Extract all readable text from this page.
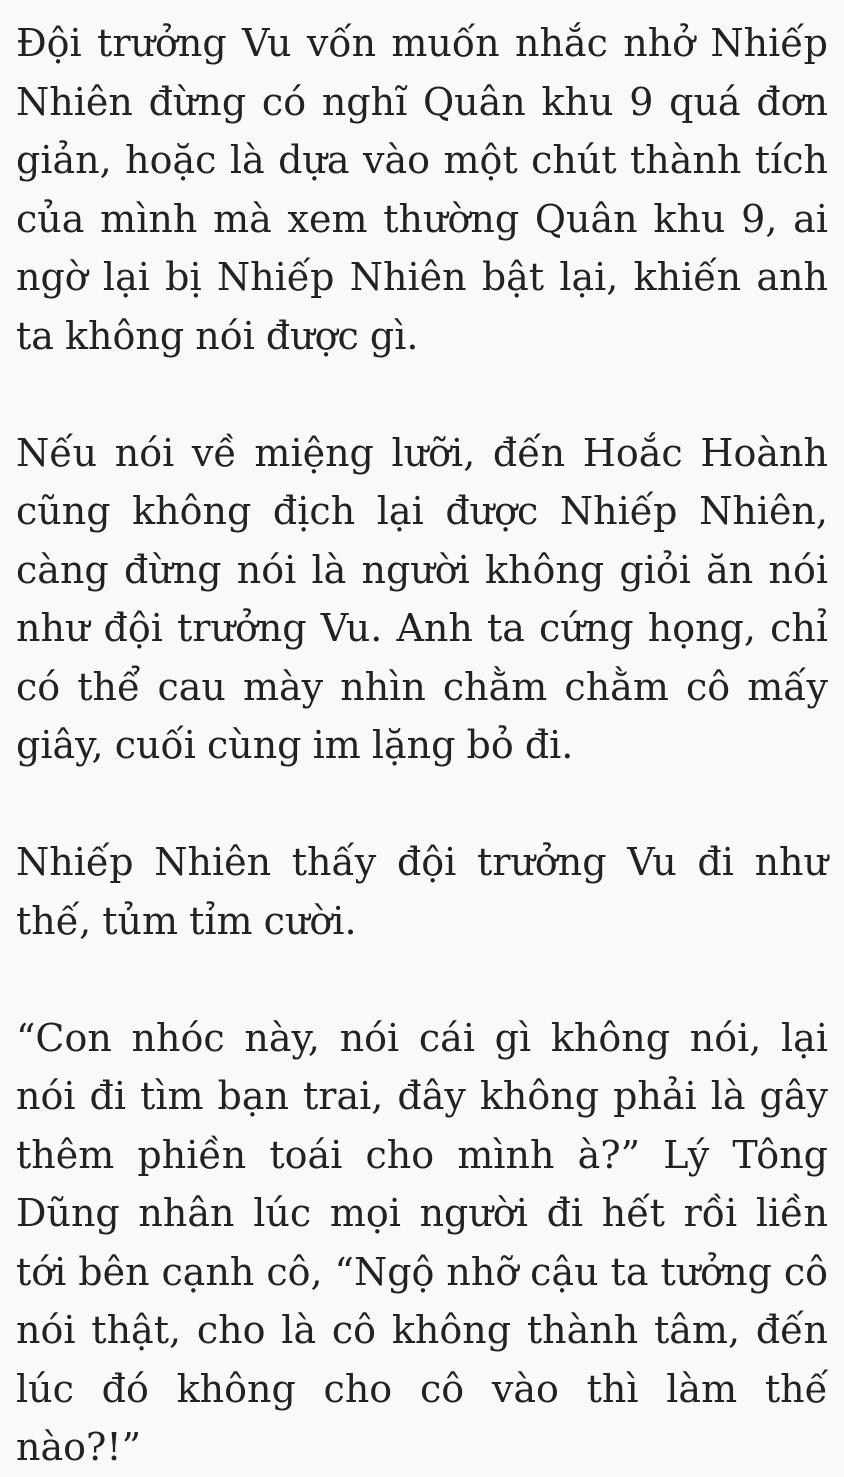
Đội trưởng Vu vốn muốn nhắc nhở Nhiếp Nhiên đừng có nghĩ Quân khu 9 quá đơn giản, hoặc là dựa vào một chút thành tích của mình mà xem thường Quân khu 9, ai ngờ lại bị Nhiếp Nhiên bật lại, khiến anh ta không nói được gì.

Nếu nói về miệng lưỡi, đến Hoắc Hoành cũng không địch lại được Nhiếp Nhiên, càng đừng nói là người không giỏi ăn nói như đội trưởng Vu. Anh ta cứng họng, chỉ có thể cau mày nhìn chằm chằm cô mấy giây, cuối cùng im lặng bỏ đi.

Nhiếp Nhiên thấy đội trưởng Vu đi như thế, tủm tỉm cười.

“Con nhóc này, nói cái gì không nói, lại nói đi tìm bạn trai, đây không phải là gây thêm phiền toái cho mình à?” Lý Tông Dũng nhân lúc mọi người đi hết rồi liền tới bên cạnh cô, “Ngộ nhỡ cậu ta tưởng cô nói thật, cho là cô không thành tâm, đến lúc đó không cho cô vào thì làm thế nào?!”
